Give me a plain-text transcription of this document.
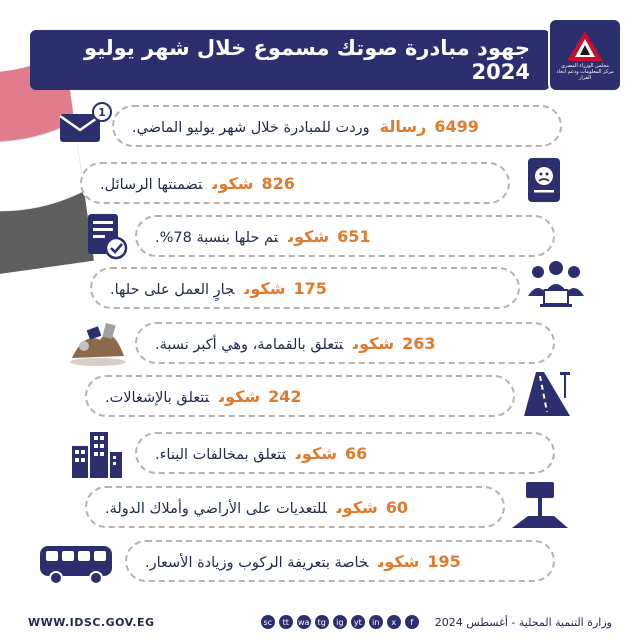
جهود مبادرة صوتك مسموع خلال شهر يوليو 2024	مجلس الوزراء المصري
مركز المعلومات ودعم اتخاذ القرار
6499رسالةوردت للمبادرة خلال شهر يوليو الماضي.
1
826شكوىتضمنتها الرسائل.
651شكوىتم حلها بنسبة 78%.
175شكوىجارٍ العمل على حلها.
263شكوىتتعلق بالقمامة، وهي أكبر نسبة.
242شكوىتتعلق بالإشغالات.
66شكوىتتعلق بمخالفات البناء.
60شكوىللتعديات على الأراضي وأملاك الدولة.
195شكوىخاصة بتعريفة الركوب وزيادة الأسعار.
وزارة التنمية المحلية - أغسطس 2024
f
x
in
yt
ig
tg
wa
tt
sc
WWW.IDSC.GOV.EG
